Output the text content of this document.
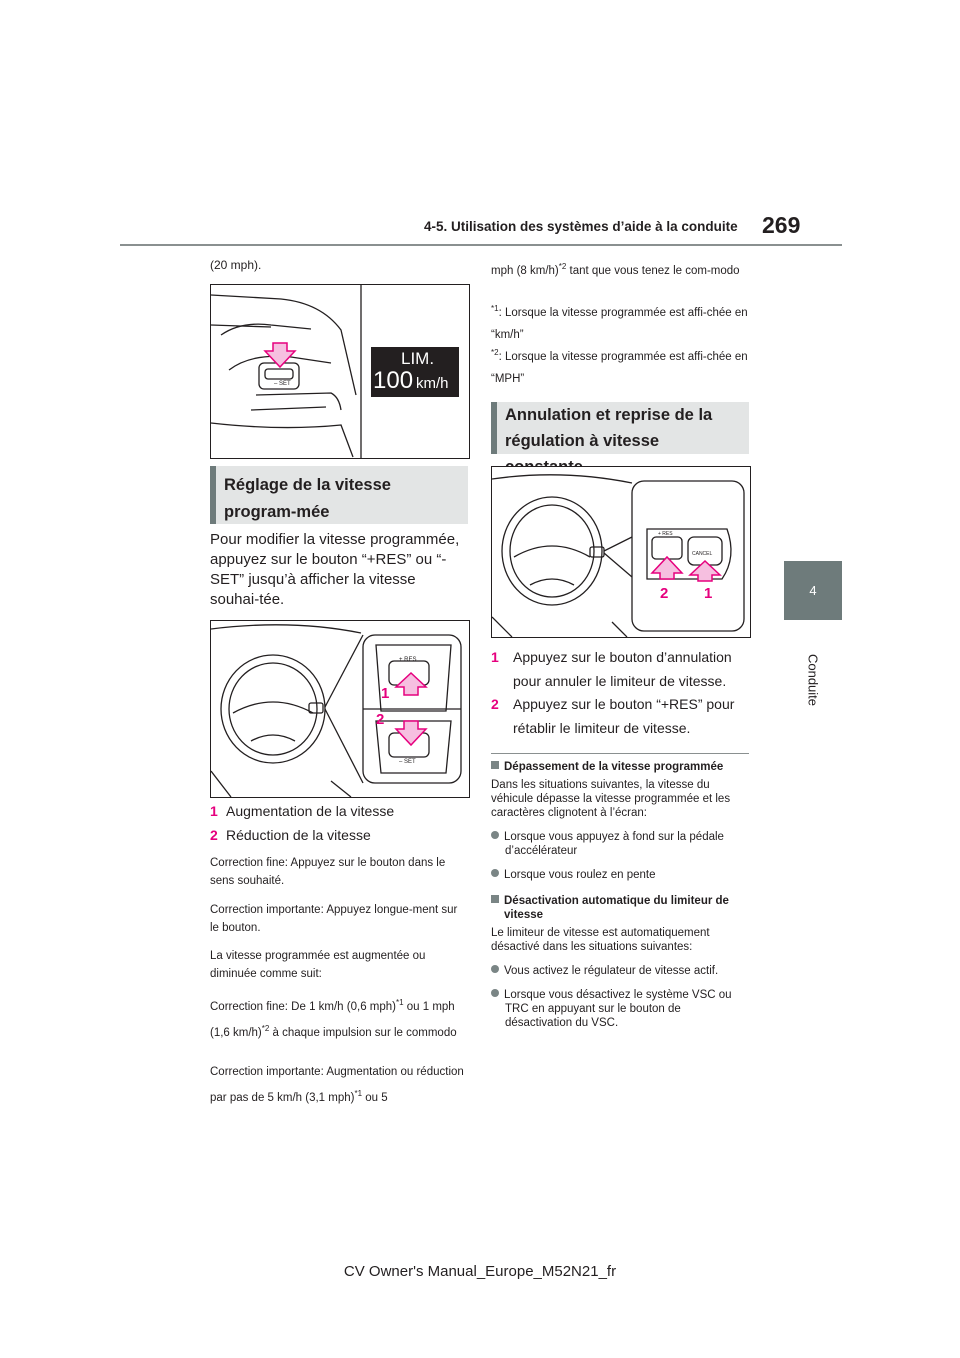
4-5. Utilisation des systèmes d’aide à la conduite 269
4
Conduite
(20 mph).
– SET
LIM.
100 km/h
Réglage de la vitesse program-mée
Pour modifier la vitesse programmée, appuyez sur le bouton “+RES” ou “-SET” jusqu’à afficher la vitesse souhai-tée.
+ RES
– SET
1
2
1 Augmentation de la vitesse
2 Réduction de la vitesse
Correction fine: Appuyez sur le bouton dans le sens souhaité.
Correction importante: Appuyez longue-ment sur le bouton.
La vitesse programmée est augmentée ou diminuée comme suit:
Correction fine: De 1 km/h (0,6 mph)$^{*1}$ ou 1 mph (1,6 km/h)$^{*2}$ à chaque impulsion sur le commodo
Correction importante: Augmentation ou réduction par pas de 5 km/h (3,1 mph)$^{*1}$ ou 5
mph (8 km/h)$^{*2}$ tant que vous tenez le com-modo
$^{*1}$: Lorsque la vitesse programmée est affi-chée en “km/h”
$^{*2}$: Lorsque la vitesse programmée est affi-chée en “MPH”
Annulation et reprise de la régulation à vitesse
+ RES
CANCEL
2 1
1	Appuyez sur le bouton d’annulation pour annuler le limiteur de vitesse.
2	Appuyez sur le bouton “+RES” pour rétablir le limiteur de vitesse.
Dépassement de la vitesse programmée
Dans les situations suivantes, la vitesse du véhicule dépasse la vitesse programmée et les caractères clignotent à l’écran:
Lorsque vous appuyez à fond sur la pédale d’accélérateur
Lorsque vous roulez en pente
Désactivation automatique du limiteur de vitesse
Le limiteur de vitesse est automatiquement désactivé dans les situations suivantes:
Vous activez le régulateur de vitesse actif.
Lorsque vous désactivez le système VSC ou TRC en appuyant sur le bouton de désactivation du VSC.
CV Owner's Manual_Europe_M52N21_fr
